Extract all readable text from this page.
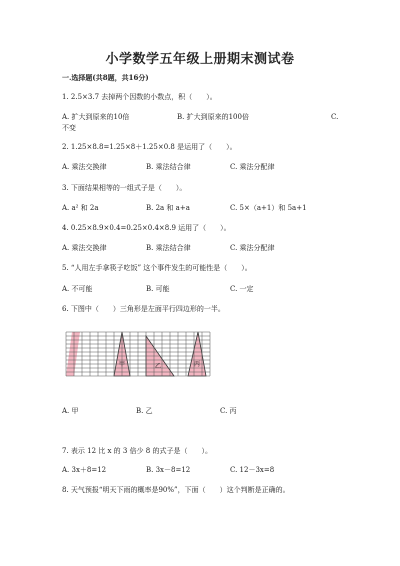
小学数学五年级上册期末测试卷
一.选择题(共8题，共16分)
1. 2.5×3.7 去掉两个因数的小数点，积（　　）。
A. 扩大到原来的10倍	B. 扩大到原来的100倍	C.
不变
2. 1.25×8.8=1.25×8＋1.25×0.8 是运用了（　　）。
A. 乘法交换律	B. 乘法结合律	C. 乘法分配律
3. 下面结果相等的一组式子是（　　）。
A. a² 和 2a	B. 2a 和 a+a	C. 5×（a+1）和 5a+1
4. 0.25×8.9×0.4=0.25×0.4×8.9 运用了（　　）。
A. 乘法交换律	B. 乘法结合律	C. 乘法分配律
5. “人用左手拿筷子吃饭” 这个事件发生的可能性是（　　）。
A. 不可能	B. 可能	C. 一定
6. 下图中（　　）三角形是左面平行四边形的一半。
甲	乙	丙
A. 甲	B. 乙	C. 丙
7. 表示 12 比 x 的 3 倍少 8 的式子是（　　）。
A. 3x＋8=12	B. 3x－8=12	C. 12－3x=8
8. 天气预报“明天下雨的概率是90%”，下面（　　）这个判断是正确的。
